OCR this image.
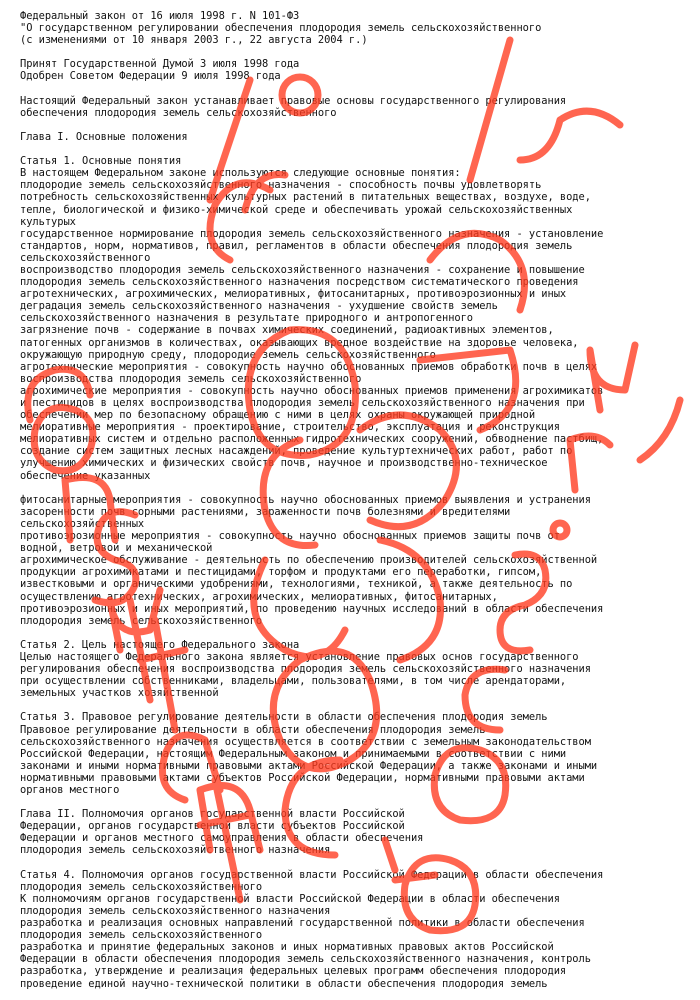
Федеральный закон от 16 июля 1998 г. N 101-ФЗ
"О государственном регулировании обеспечения плодородия земель сельскохозяйственного
(с изменениями от 10 января 2003 г., 22 августа 2004 г.)
Принят Государственной Думой 3 июля 1998 года
Одобрен Советом Федерации 9 июля 1998 года
Настоящий Федеральный закон устанавливает правовые основы государственного регулирования
обеспечения плодородия земель сельскохозяйственного
Глава I. Основные положения
Статья 1. Основные понятия
В настоящем Федеральном законе используются следующие основные понятия:
плодородие земель сельскохозяйственного назначения - способность почвы удовлетворять
потребность сельскохозяйственных культурных растений в питательных веществах, воздухе, воде,
тепле, биологической и физико-химической среде и обеспечивать урожай сельскохозяйственных
культурых
государственное нормирование плодородия земель сельскохозяйственного назначения - установление
стандартов, норм, нормативов, правил, регламентов в области обеспечения плодородия земель
сельскохозяйственного
воспроизводство плодородия земель сельскохозяйственного назначения - сохранение и повышение
плодородия земель сельскохозяйственного назначения посредством систематического проведения
агротехнических, агрохимических, мелиоративных, фитосанитарных, противоэрозионных и иных
деградация земель сельскохозяйственного назначения - ухудшение свойств земель
сельскохозяйственного назначения в результате природного и антропогенного
загрязнение почв - содержание в почвах химических соединений, радиоактивных элементов,
патогенных организмов в количествах, оказывающих вредное воздействие на здоровье человека,
окружающую природную среду, плодородие земель сельскохозяйственного
агротехнические мероприятия - совокупность научно обоснованных приемов обработки почв в целях
воспроизводства плодородия земель сельскохозяйственного
агрохимические мероприятия - совокупность научно обоснованных приемов применения агрохимикатов
и пестицидов в целях воспроизводства плодородия земель сельскохозяйственного назначения при
обеспечении мер по безопасному обращению с ними в целях охраны окружающей природной
мелиоративные мероприятия - проектирование, строительство, эксплуатация и реконструкция
мелиоративных систем и отдельно расположенных гидротехнических сооружений, обводнение пастбищ,
создание систем защитных лесных насаждений, проведение культуртехнических работ, работ по
улучшению химических и физических свойств почв, научное и производственно-техническое
обеспечение указанных
фитосанитарные мероприятия - совокупность научно обоснованных приемов выявления и устранения
засоренности почв сорными растениями, зараженности почв болезнями и вредителями
сельскохозяйственных
противоэрозионные мероприятия - совокупность научно обоснованных приемов защиты почв от
водной, ветровой и механической
агрохимическое обслуживание - деятельность по обеспечению производителей сельскохозяйственной
продукции агрохимикатами и пестицидами, торфом и продуктами его переработки, гипсом,
известковыми и органическими удобрениями, технологиями, техникой, а также деятельность по
осуществлению агротехнических, агрохимических, мелиоративных, фитосанитарных,
противоэрозионных и иных мероприятий, по проведению научных исследований в области обеспечения
плодородия земель сельскохозяйственного
Статья 2. Цель настоящего Федерального закона
Целью настоящего Федерального закона является установление правовых основ государственного
регулирования обеспечения воспроизводства плодородия земель сельскохозяйственного назначения
при осуществлении собственниками, владельцами, пользователями, в том числе арендаторами,
земельных участков хозяйственной
Статья 3. Правовое регулирование деятельности в области обеспечения плодородия земель
Правовое регулирование деятельности в области обеспечения плодородия земель
сельскохозяйственного назначения осуществляется в соответствии с земельным законодательством
Российской Федерации, настоящим Федеральным законом и принимаемыми в соответствии с ними
законами и иными нормативными правовыми актами Российской Федерации, а также законами и иными
нормативными правовыми актами субъектов Российской Федерации, нормативными правовыми актами
органов местного
Глава II. Полномочия органов государственной власти Российской
Федерации, органов государственной власти субъектов Российской
Федерации и органов местного самоуправления в области обеспечения
плодородия земель сельскохозяйственного назначения
Статья 4. Полномочия органов государственной власти Российской Федерации в области обеспечения
плодородия земель сельскохозяйственного
К полномочиям органов государственной власти Российской Федерации в области обеспечения
плодородия земель сельскохозяйственного назначения
разработка и реализация основных направлений государственной политики в области обеспечения
плодородия земель сельскохозяйственного
разработка и принятие федеральных законов и иных нормативных правовых актов Российской
Федерации в области обеспечения плодородия земель сельскохозяйственного назначения, контроль
разработка, утверждение и реализация федеральных целевых программ обеспечения плодородия
проведение единой научно-технической политики в области обеспечения плодородия земель
